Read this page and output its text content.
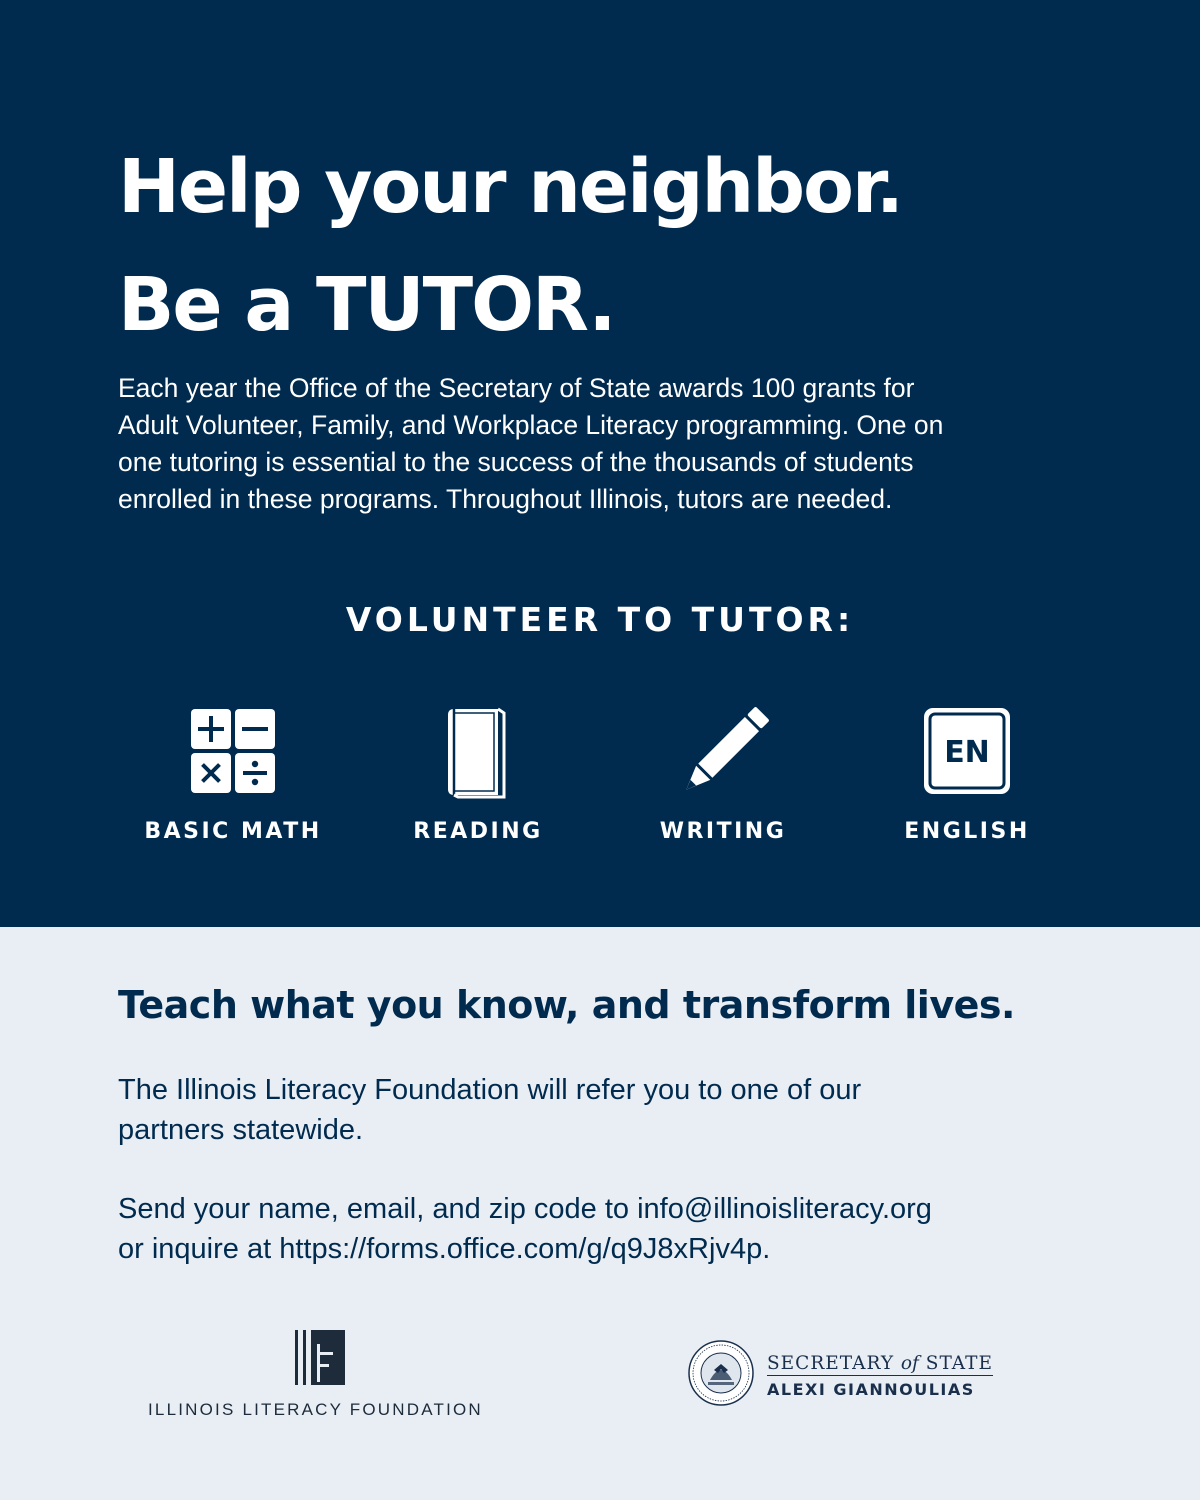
Help your neighbor.
Be a TUTOR.
Each year the Office of the Secretary of State awards 100 grants for
Adult Volunteer, Family, and Workplace Literacy programming. One on
one tutoring is essential to the success of the thousands of students
enrolled in these programs. Throughout Illinois, tutors are needed.
VOLUNTEER TO TUTOR:
BASIC MATH	READING	WRITING
EN
ENGLISH
Teach what you know, and transform lives.
The Illinois Literacy Foundation will refer you to one of our
partners statewide.
Send your name, email, and zip code to info@illinoisliteracy.org
or inquire at https://forms.office.com/g/q9J8xRjv4p.
ILLINOIS LITERACY FOUNDATION
SECRETARY of STATE
ALEXI GIANNOULIAS
